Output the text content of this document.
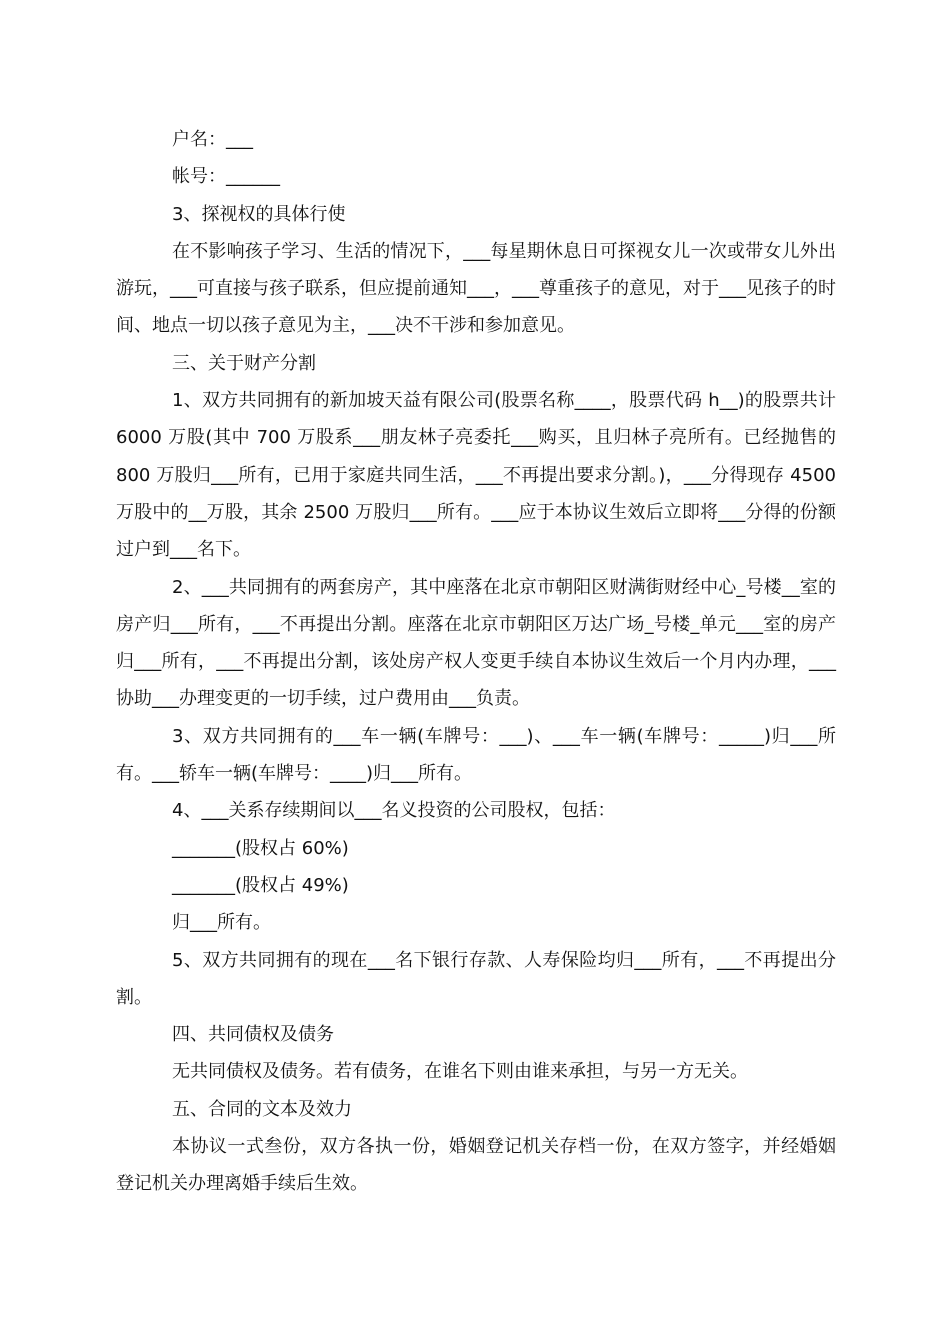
户名：___

帐号：______

3、探视权的具体行使

在不影响孩子学习、生活的情况下，___每星期休息日可探视女儿一次或带女儿外出游玩，___可直接与孩子联系，但应提前通知___，___尊重孩子的意见，对于___见孩子的时间、地点一切以孩子意见为主，___决不干涉和参加意见。

三、关于财产分割

1、双方共同拥有的新加坡天益有限公司(股票名称____，股票代码 h__)的股票共计 6000 万股(其中 700 万股系___朋友林子亮委托___购买，且归林子亮所有。已经抛售的 800 万股归___所有，已用于家庭共同生活，___不再提出要求分割。)，___分得现存 4500 万股中的__万股，其余 2500 万股归___所有。___应于本协议生效后立即将___分得的份额过户到___名下。

2、___共同拥有的两套房产，其中座落在北京市朝阳区财满街财经中心_号楼__室的房产归___所有，___不再提出分割。座落在北京市朝阳区万达广场_号楼_单元___室的房产归___所有，___不再提出分割，该处房产权人变更手续自本协议生效后一个月内办理，___协助___办理变更的一切手续，过户费用由___负责。

3、双方共同拥有的___车一辆(车牌号：___)、___车一辆(车牌号：_____)归___所有。___轿车一辆(车牌号：____)归___所有。

4、___关系存续期间以___名义投资的公司股权，包括：

_______(股权占 60%)

_______(股权占 49%)

归___所有。

5、双方共同拥有的现在___名下银行存款、人寿保险均归___所有，___不再提出分割。

四、共同债权及债务

无共同债权及债务。若有债务，在谁名下则由谁来承担，与另一方无关。

五、合同的文本及效力

本协议一式叁份，双方各执一份，婚姻登记机关存档一份，在双方签字，并经婚姻登记机关办理离婚手续后生效。
